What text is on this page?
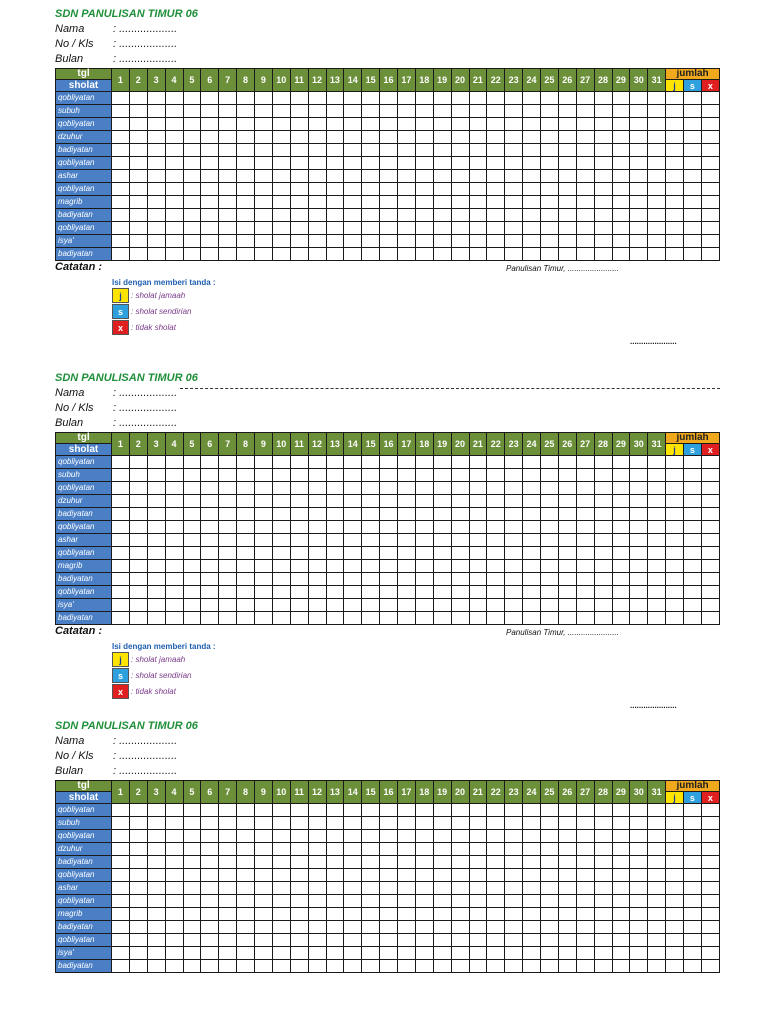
SDN PANULISAN TIMUR 06
Nama	: ...................
No / Kls	: ...................
Bulan	: ...................
tgl	1	2	3	4	5	6	7	8	9	10	11	12	13	14	15	16	17	18	19	20	21	22	23	24	25	26	27	28	29	30	31	jumlah		
sholat																																j	s	x
qobliyatan																																		
subuh																																		
qobliyatan																																		
dzuhur																																		
badiyatan																																		
qobliyatan																																		
ashar																																		
qobliyatan																																		
magrib																																		
badiyatan																																		
qobliyatan																																		
isya'																																		
badiyatan																																		
Catatan :	Panulisan Timur, .......................
Isi dengan memberi tanda :
j	: sholat jamaah
s	: sholat sendirian
x	: tidak sholat
.....................
SDN PANULISAN TIMUR 06
Nama	: ...................
No / Kls	: ...................
Bulan	: ...................
tgl	1	2	3	4	5	6	7	8	9	10	11	12	13	14	15	16	17	18	19	20	21	22	23	24	25	26	27	28	29	30	31	jumlah		
sholat																																j	s	x
qobliyatan																																		
subuh																																		
qobliyatan																																		
dzuhur																																		
badiyatan																																		
qobliyatan																																		
ashar																																		
qobliyatan																																		
magrib																																		
badiyatan																																		
qobliyatan																																		
isya'																																		
badiyatan																																		
Catatan :	Panulisan Timur, .......................
Isi dengan memberi tanda :
j	: sholat jamaah
s	: sholat sendirian
x	: tidak sholat
.....................
SDN PANULISAN TIMUR 06
Nama	: ...................
No / Kls	: ...................
Bulan	: ...................
tgl	1	2	3	4	5	6	7	8	9	10	11	12	13	14	15	16	17	18	19	20	21	22	23	24	25	26	27	28	29	30	31	jumlah		
sholat																																j	s	x
qobliyatan																																		
subuh																																		
qobliyatan																																		
dzuhur																																		
badiyatan																																		
qobliyatan																																		
ashar																																		
qobliyatan																																		
magrib																																		
badiyatan																																		
qobliyatan																																		
isya'																																		
badiyatan																																		
